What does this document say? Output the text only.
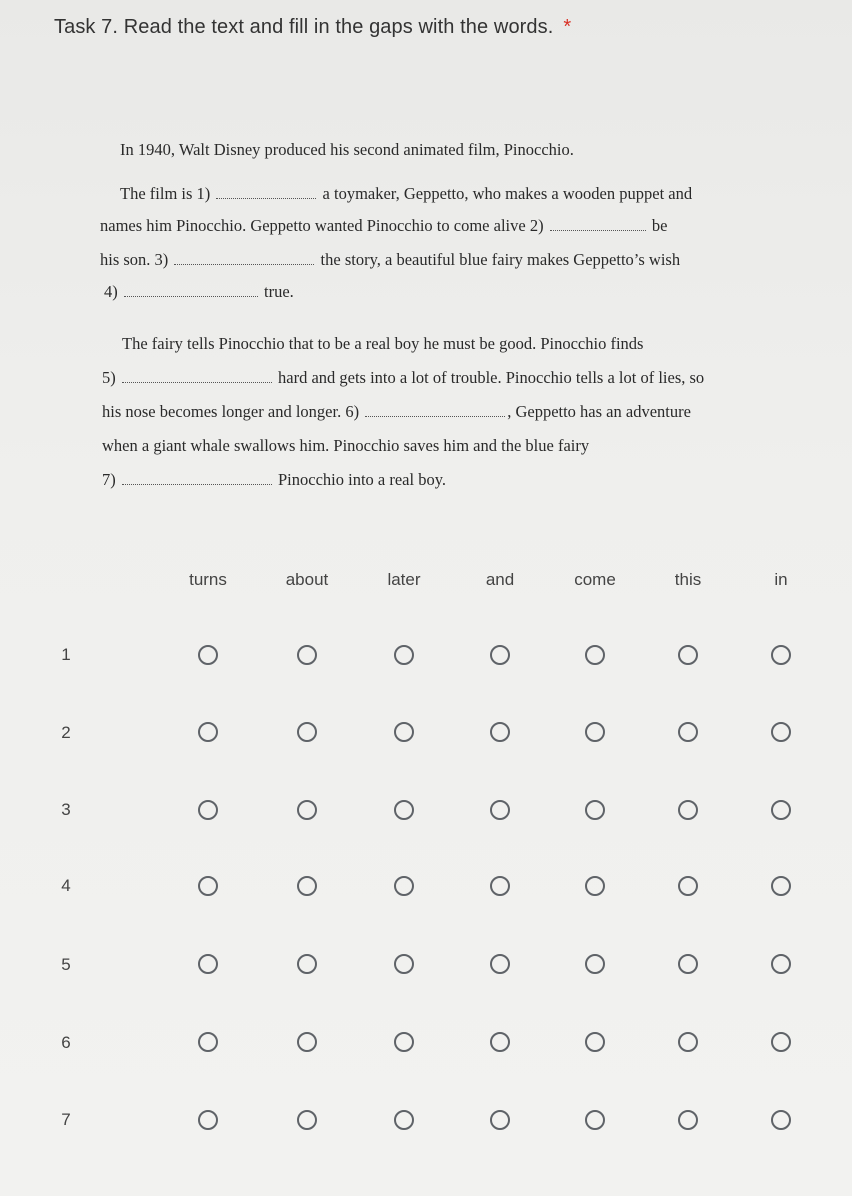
Task 7. Read the text and fill in the gaps with the words. *
In 1940, Walt Disney produced his second animated film, Pinocchio.
The film is 1)	a toymaker, Geppetto, who makes a wooden puppet and
names him Pinocchio. Geppetto wanted Pinocchio to come alive 2)	be
his son. 3)	the story, a beautiful blue fairy makes Geppetto’s wish
4)	true.
The fairy tells Pinocchio that to be a real boy he must be good. Pinocchio finds
5)	hard and gets into a lot of trouble. Pinocchio tells a lot of lies, so
his nose becomes longer and longer. 6)	, Geppetto has an adventure
when a giant whale swallows him. Pinocchio saves him and the blue fairy
7)	Pinocchio into a real boy.
turns	about	later	and	come	this	in
1
2
3
4
5
6
7
